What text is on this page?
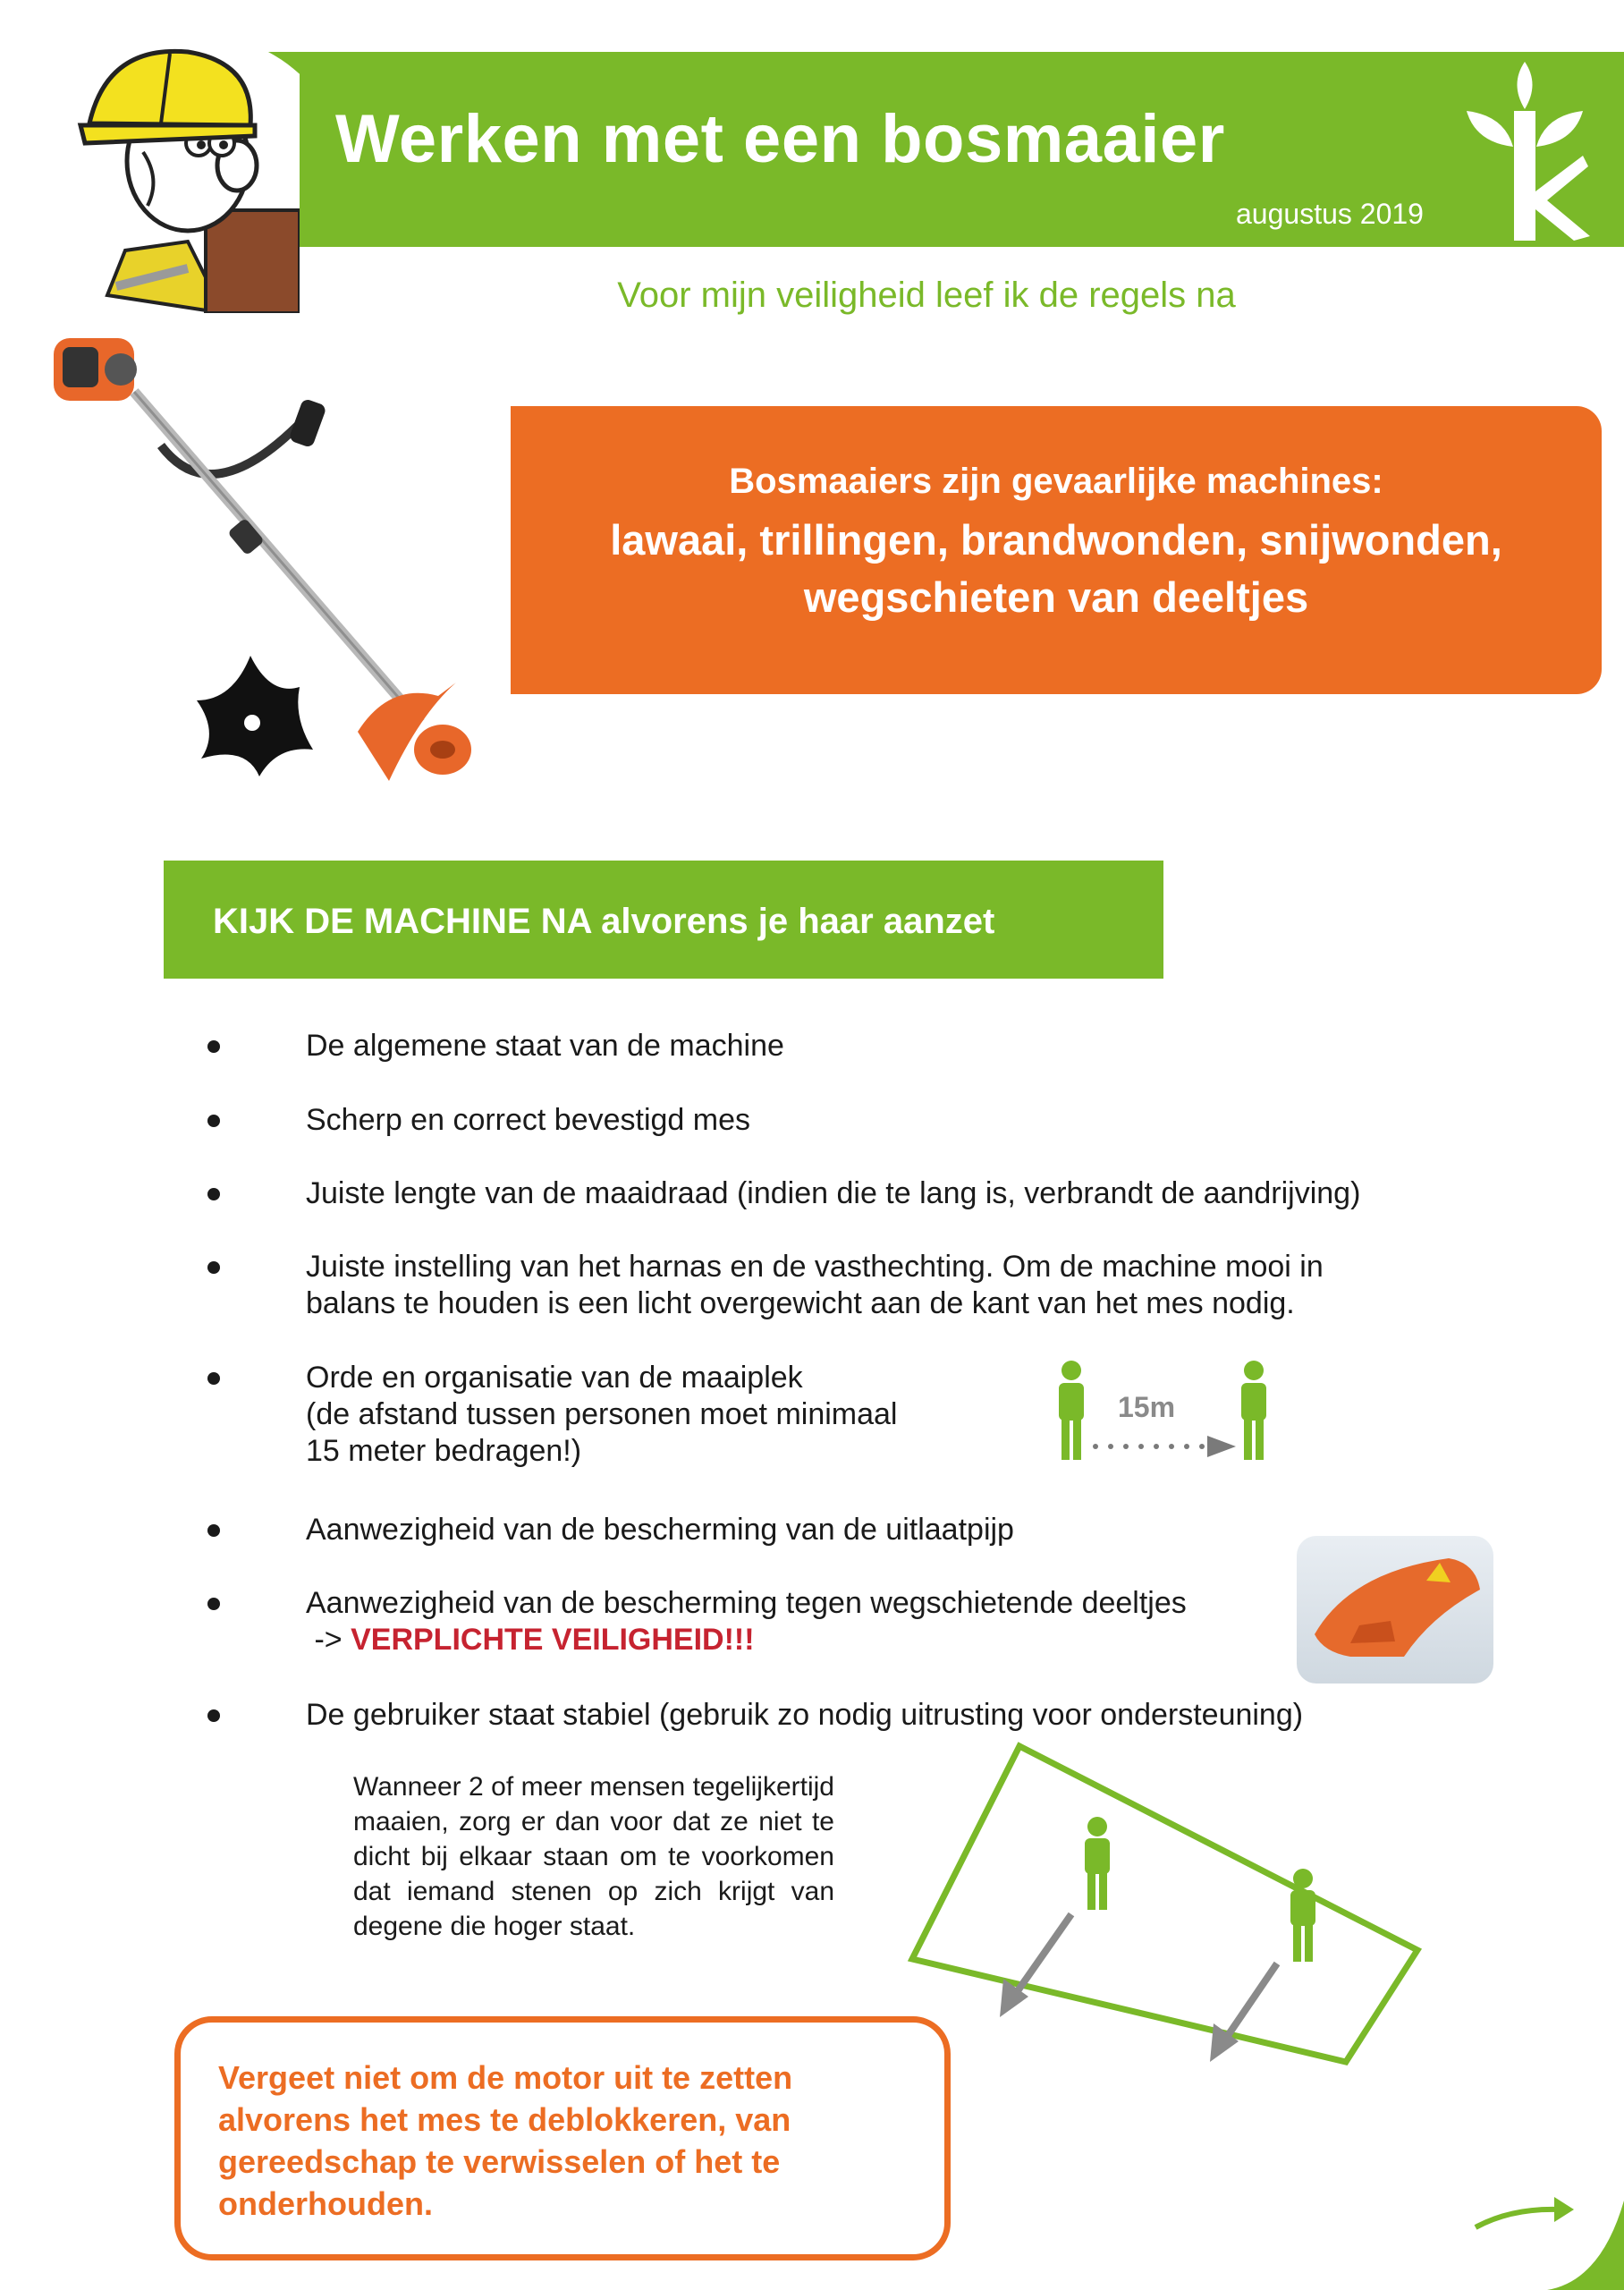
Werken met een bosmaaier
augustus 2019
Voor mijn veiligheid leef ik de regels na
Bosmaaiers zijn gevaarlijke machines:
lawaai, trillingen, brandwonden, snijwonden,
wegschieten van deeltjes
KIJK DE MACHINE NA alvorens je haar aanzet
De algemene staat van de machine
Scherp en correct bevestigd mes
Juiste lengte van de maaidraad (indien die te lang is, verbrandt de aandrijving)
Juiste instelling van het harnas en de vasthechting. Om de machine mooi in
balans te houden is een licht overgewicht aan de kant van het mes nodig.
Orde en organisatie van de maaiplek
(de afstand tussen personen moet minimaal
15 meter bedragen!)
15m
Aanwezigheid van de bescherming van de uitlaatpijp
Aanwezigheid van de bescherming tegen wegschietende deeltjes
-> VERPLICHTE VEILIGHEID!!!
De gebruiker staat stabiel (gebruik zo nodig uitrusting voor ondersteuning)
Wanneer 2 of meer mensen tegelijkertijd maaien, zorg er dan voor dat ze niet te dicht bij elkaar staan om te voorkomen dat iemand stenen op zich krijgt van degene die hoger staat.
Vergeet niet om de motor uit te zetten alvorens het mes te deblokkeren, van gereedschap te verwisselen of het te onderhouden.
